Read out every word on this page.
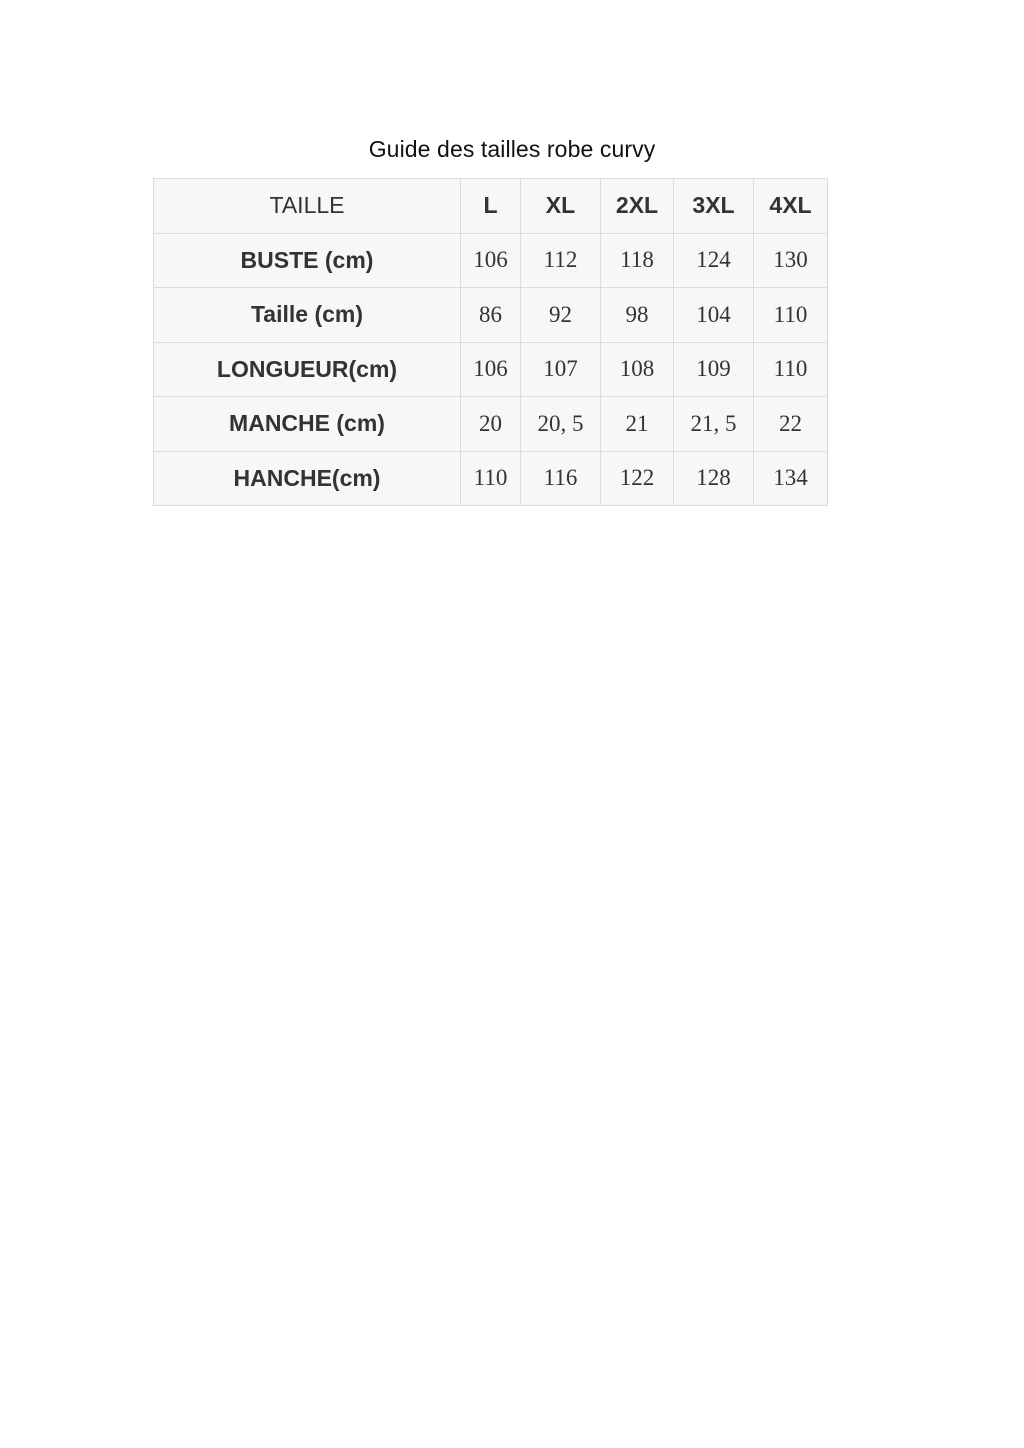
Guide des tailles robe curvy
TAILLE	L	XL	2XL	3XL	4XL
BUSTE (cm)	106	112	118	124	130
Taille (cm)	86	92	98	104	110
LONGUEUR(cm)	106	107	108	109	110
MANCHE (cm)	20	20, 5	21	21, 5	22
HANCHE(cm)	110	116	122	128	134
